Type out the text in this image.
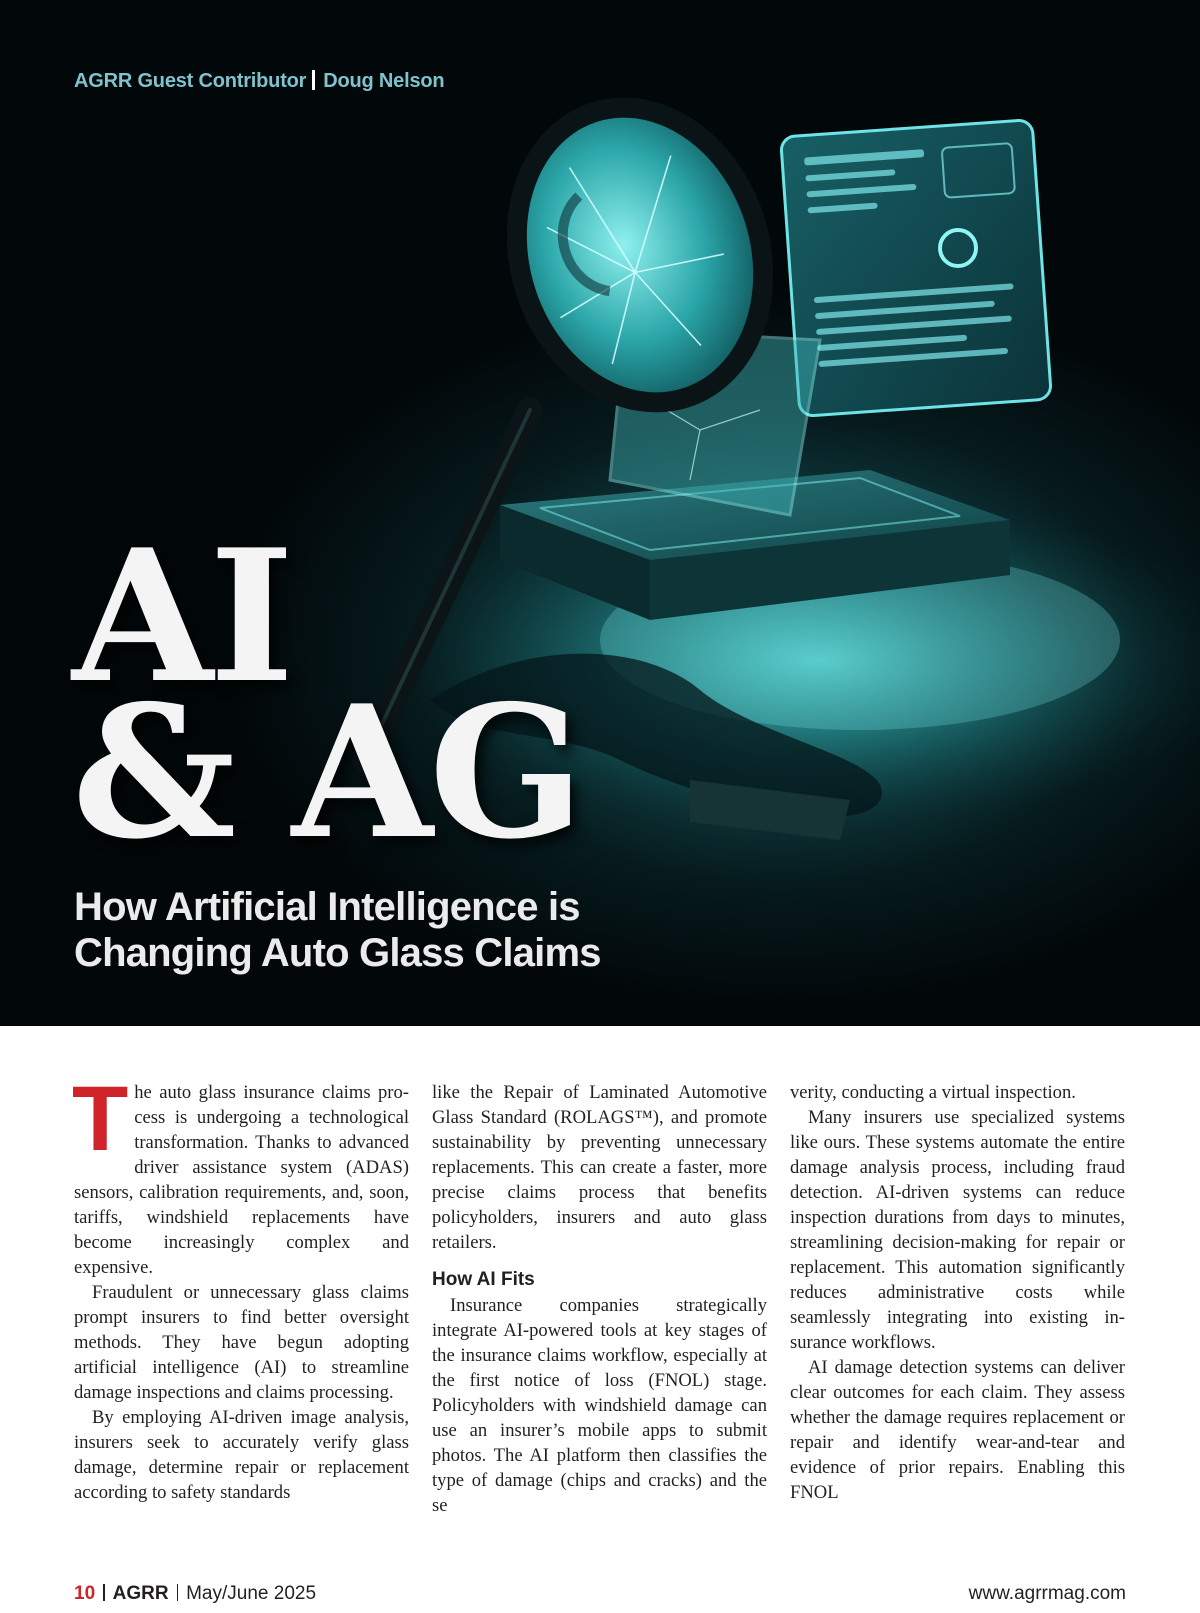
AGRR Guest Contributor Doug Nelson
AI
& AG
How Artificial Intelligence is
Changing Auto Glass Claims

The auto glass insurance claims process is undergoing a technological transformation. Thanks to advanced driver assistance system (ADAS) sensors, calibration requirements, and, soon, tariffs, windshield replacements have become increasingly complex and expensive.

Fraudulent or unnecessary glass claims prompt insurers to find better oversight methods. They have begun adopting artificial intelligence (AI) to streamline damage inspections and claims processing.

By employing AI-driven image analysis, insurers seek to accurately verify glass damage, determine repair or replacement according to safety standards

like the Repair of Laminated Automotive Glass Standard (ROLAGS™), and promote sustainability by preventing unnecessary replacements. This can create a faster, more precise claims process that benefits policyholders, insurers and auto glass retailers.

How AI Fits

Insurance companies strategically integrate AI-powered tools at key stages of the insurance claims workflow, especially at the first notice of loss (FNOL) stage. Policyholders with windshield damage can use an insurer’s mobile apps to submit photos. The AI platform then classifies the type of damage (chips and cracks) and the se

verity, conducting a virtual inspection.

Many insurers use specialized systems like ours. These systems automate the entire damage analysis process, including fraud detection. AI-driven systems can reduce inspection durations from days to minutes, streamlining decision-making for repair or replacement. This automation significantly reduces administrative costs while seamlessly integrating into existing insurance workflows.

AI damage detection systems can deliver clear outcomes for each claim. They assess whether the damage requires replacement or repair and identify wear-and-tear and evidence of prior repairs. Enabling this FNOL

10 AGRR May/June 2025	www.agrrmag.com
